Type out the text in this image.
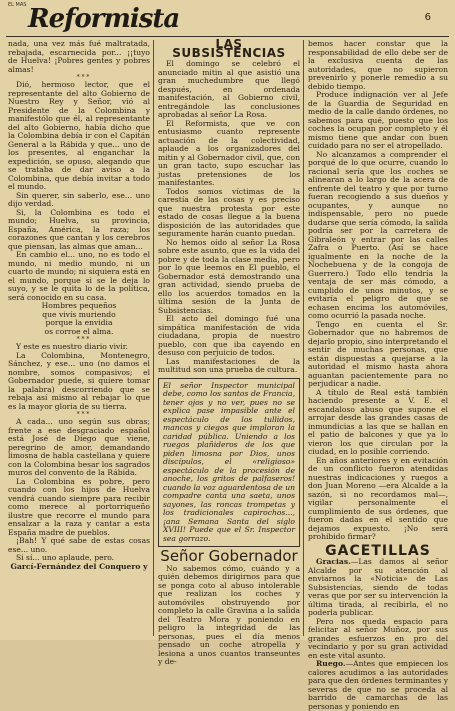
EL MAS Reformista	6

nada, una vez más fué maltratada, rebajada, escarnecida por... ¡¡tuyo de Huelva! ¡Pobres gentes y pobres almas!

* * *

Dió, hermoso lector, que el representante del alto Gobierno de Nuestro Rey y Señor, vió al Presidente de la Colombina y manifestólo que él, al representante del alto Gobierno, había dicho que la Colombina debía ir con el Capitán General a la Rábida y que... uno de los presentes, al enganchar la expedición, se opuso, alegando que se trataba de dar aviso a la Colombina, que debía invitar a todo el mundo.

Sin querer, sin saberlo, ese... uno dijo verdad.

Si, la Colombina es todo el mundo; Huelva, su provincia, España, América, la raza; los corazones que cantan y los cerebros que piensan, las almas que aman...

En cambio el... uno, no es todo el mundo, ni medio mundo, ni un cuarto de mundo; ni siquiera está en el mundo, porque si se le deja lo suyo, y se le quita lo de la política, será conocido en su casa.

Hombres pequeños

que vivís muriendo

porque la envidia

os corroe el alma.

* * *

Y este es nuestro diario vivir.

La Colombina, Montenegro, Sánchez, y ese... uno (no damos el nombre, somos compasivos; el Gobernador puede, si quiere tomar la palabra) descorriendo que se rebaja así mismo al rebajar lo que es la mayor gloria de su tierra.

* * *

A cada... uno según sus obras; frente a ese desgraciado español está José de Diego que viene, peregrino de amor, demandando limosna de habla castellana y quiere con la Colombina besar los sagrados muros del convento de la Rábida.

La Colombina es pobre, pero cuando con los hijos de Huelva vendrá cuando siempre para recibir como merece al portorriqueño ilustre que recorre el mundo para ensalzar a la raza y cantar a esta España madre de pueblos.

¡Bah! Y qué sabe de estas cosas ese... uno.

Si sí... uno aplaude, pero.

Garcí-Fernández del Conquero y

LAS SUBSISTENCIAS

El domingo se celebró el anunciado mitin al que asistió una gran muchedumbre que llegó después, en ordenada manifestación, al Gobierno civil, entregándole las conclusiones aprobadas al señor La Rosa.

El Reformista, que ve con entusiasmo cuanto represente actuación de la colectividad, aplaude a los organizadores del mitin y al Gobernador civil, que, con un gran tacto, supo escuchar las justas pretensiones de los manifestantes.

Todos somos víctimas de la carestía de las cosas y es preciso que nuestra protesta por este estado de cosas llegue a la buena disposición de las autoridades que seguramente harán cuanto puedan.

No hemos oído al señor La Rosa sobre este asunto, que es la vida del pobre y de toda la clase media, pero por lo que leemos en El pueblo, el Gobernador está demostrando una gran actividad, siendo prueba de ello los acuerdos tomados en la última sesión de la Junta de Subsistencias.

El acto del domingo fué una simpática manifestación de vida ciudadana, propia de nuestro pueblo, con que iba cayendo en desuso con perjuicio de todos.

Las manifestaciones de la multitud son una prueba de cultura.

El señor Inspector municipal debe, como los santos de Francia, tener ojos y no ver, pues no se explica pase impasible ante el espectáculo de los tullidos, mancos y ciegos que imploran la caridad pública. Uniendo a los ruegos plañideros de los que piden limosna por Dios, unos discípulos, el «religioso» espectáculo de la procesión de anoche, los gritos de palfaseros! cuando la voz aguardentosa de un compadre canta una saeta, unos sayones, las roncas trompetas y los tradicionales capirochos..., ¡ana Semana Santa del siglo XVIII! Puede que el Sr. Inspector sea gorrazo.
Señor Gobernador

No sabemos cómo, cuándo y a quién debemos dirigirnos para que se ponga coto al abuso intolerable que realizan los coches y automóviles obstruyendo por completo la calle Gravina a la salida del Teatro Mora y poniendo en peligro la integridad de las personas, pues el día menos pensado un coche atropella y lesiona a unos cuantos transeuntes y de-

bemos hacer constar que la responsabilidad de ello debe ser de la exclusiva cuenta de las autoridades, que no supieron prevenirlo y ponerle remedio a su debido tiempo.

Produce indignación ver al Jefe de la Guardia de Seguridad en medio de la calle dando órdenes, no sabemos para qué, puesto que los coches la ocupan por completo y él mismo tiene que andar con buen cuidado para no ser el atropellado.

No alcanzamos a comprender el porqué de lo que ocurre, cuando lo racional sería que los coches se alinearan a lo largo de la acera de enfrente del teatro y que por turno fueran recogiendo a sus dueños y ocupantes, y aunque no indispensable, pero no puede dudarse que sería cómodo, la salida podría ser por la carretera de Gibraleón y entrar por las calles Zafra o Puerto. (Así se hace igualmente en la noche de la Nochebuena y de la congoja de Guerrero.) Todo ello tendría la ventaja de ser más cómodo, a cumplido de unos minutos, y se evitaría el peligro de que se echasen encima los automóviles, como ocurrió la pasada noche.

Tengo en cuenta el Sr. Gobernador que no habremos de dejarlo propio, sino interpretando el sentir de muchas personas, que están dispuestas a quejarse a la autoridad el mismo hasta ahora aguantan pacientemente para no perjudicar a nadie.

A título de Real está también haciendo presente a V. E. el escandaloso abuso que supone el arrojar desde las grandes casas de inmundicias a las que se hallan en el patio de balcones y que ya lo vieron los que circulan por la ciudad, en lo posible corriendo.

En años anteriores y en evitación de un conflicto fueron atendidas nuestras indicaciones y ruegos a don Juan Moreno —era Alcalde a la sazón, si no recordamos mal—, vigilar personalmente el cumplimiento de sus órdenes, que fueron dadas en el sentido que dejamos expuesto. ¡No será prohibido firmar?

GACETILLAS

Gracias.—Las damos al señor Alcalde por su atención al enviarnos la «Noticia» de Las Subsistencias, siendo de todas veras que por ser su intervención la última tirada, al recibirla, el no poderla publicar.

Pero nos queda espacio para felicitar al señor Muñoz, por sus grandes esfuerzos en pro del vecindario y por su gran actividad en este vital asunto.

Ruego.—Antes que empiecen los calores acudimos a las autoridades para que den órdenes terminantes y severas de que no se proceda al barrido de camarchas de las personas y poniendo en
